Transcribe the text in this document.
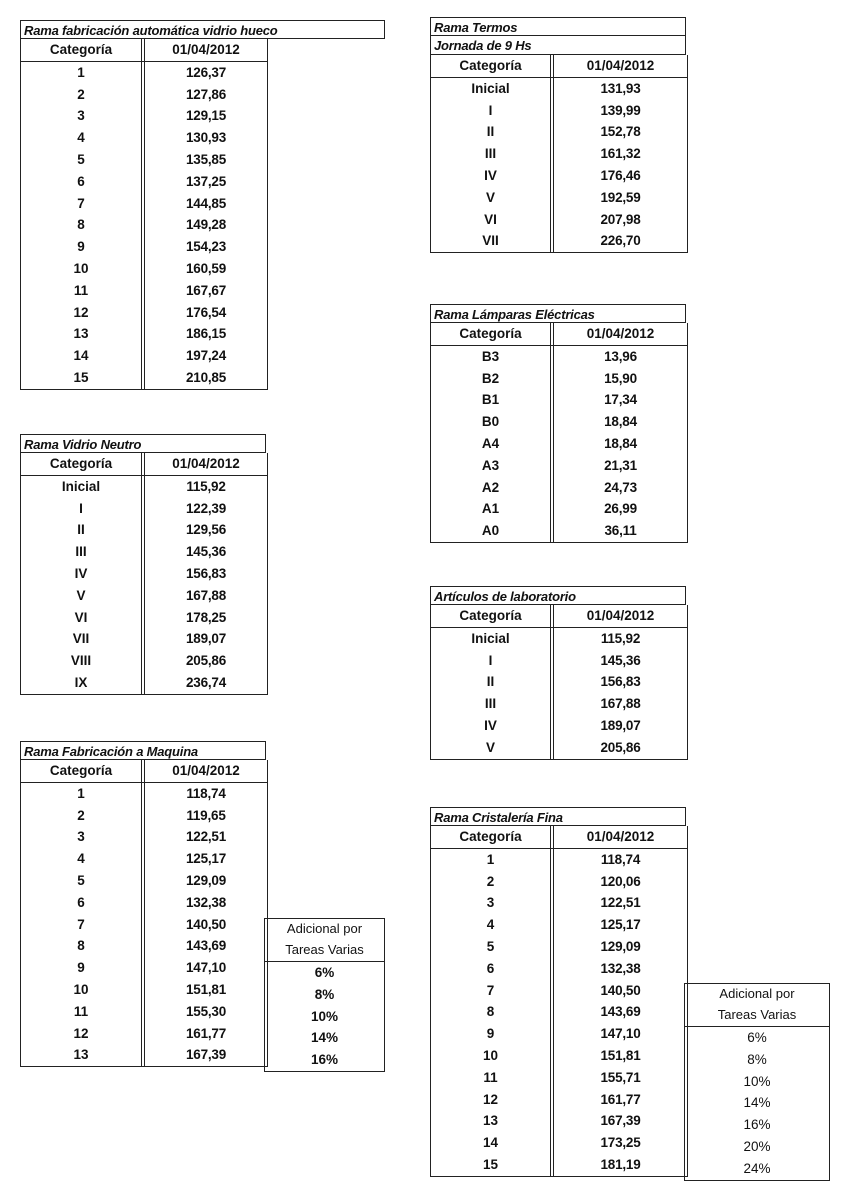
Rama fabricación automática vidrio hueco
Categoría	01/04/2012
1	126,37
2	127,86
3	129,15
4	130,93
5	135,85
6	137,25
7	144,85
8	149,28
9	154,23
10	160,59
11	167,67
12	176,54
13	186,15
14	197,24
15	210,85
Rama Vidrio Neutro
Categoría	01/04/2012
Inicial	115,92
I	122,39
II	129,56
III	145,36
IV	156,83
V	167,88
VI	178,25
VII	189,07
VIII	205,86
IX	236,74
Rama Fabricación a Maquina
Categoría	01/04/2012
1	118,74
2	119,65
3	122,51
4	125,17
5	129,09
6	132,38
7	140,50
8	143,69
9	147,10
10	151,81
11	155,30
12	161,77
13	167,39
Adicional por
Tareas Varias
6%
8%
10%
14%
16%
Rama Termos
Jornada de 9 Hs
Categoría	01/04/2012
Inicial	131,93
I	139,99
II	152,78
III	161,32
IV	176,46
V	192,59
VI	207,98
VII	226,70
Rama Lámparas Eléctricas
Categoría	01/04/2012
B3	13,96
B2	15,90
B1	17,34
B0	18,84
A4	18,84
A3	21,31
A2	24,73
A1	26,99
A0	36,11
Artículos de laboratorio
Categoría	01/04/2012
Inicial	115,92
I	145,36
II	156,83
III	167,88
IV	189,07
V	205,86
Rama Cristalería Fina
Categoría	01/04/2012
1	118,74
2	120,06
3	122,51
4	125,17
5	129,09
6	132,38
7	140,50
8	143,69
9	147,10
10	151,81
11	155,71
12	161,77
13	167,39
14	173,25
15	181,19
Adicional por
Tareas Varias
6%
8%
10%
14%
16%
20%
24%
